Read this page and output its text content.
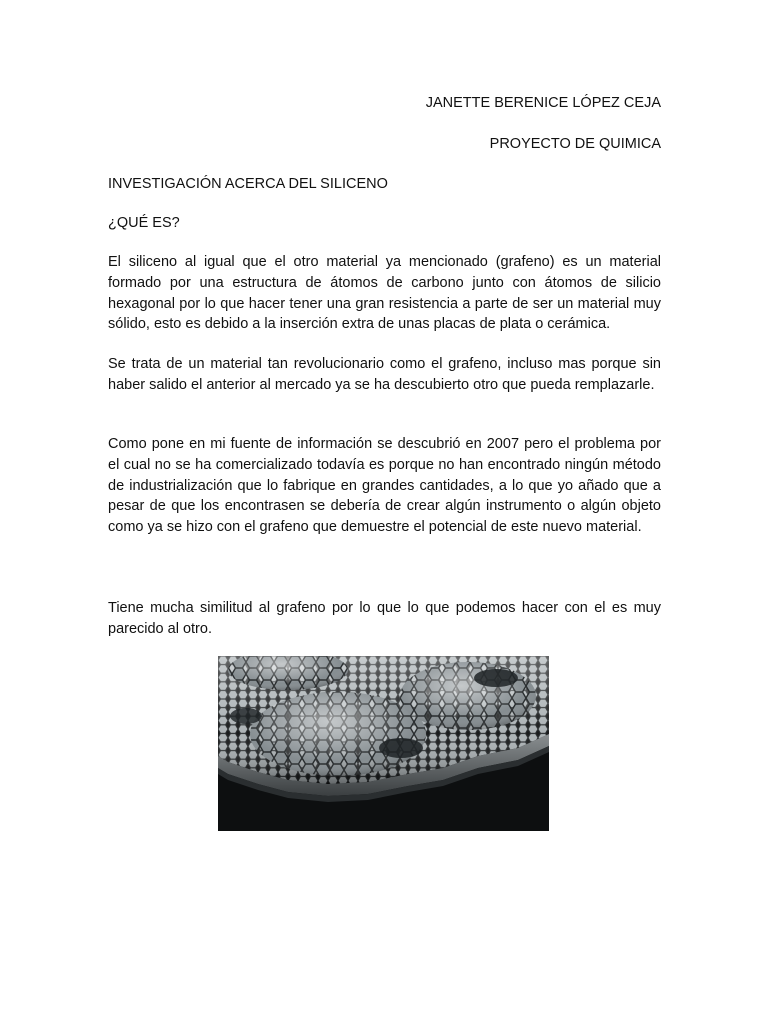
JANETTE BERENICE LÓPEZ CEJA
PROYECTO DE QUIMICA
INVESTIGACIÓN ACERCA DEL SILICENO
¿QUÉ ES?

El siliceno al igual que el otro material ya mencionado (grafeno) es un material formado por una estructura de átomos de carbono junto con átomos de silicio hexagonal por lo que hacer tener una gran resistencia a parte de ser un material muy sólido, esto es debido a la inserción extra de unas placas de plata o cerámica.

Se trata de un material tan revolucionario como el grafeno, incluso mas porque sin haber salido el anterior al mercado ya se ha descubierto otro que pueda remplazarle.

Como pone en mi fuente de información se descubrió en 2007 pero el problema por el cual no se ha comercializado todavía es porque no han encontrado ningún método de industrialización que lo fabrique en grandes cantidades, a lo que yo añado que a pesar de que los encontrasen se debería de crear algún instrumento o algún objeto como ya se hizo con el grafeno que demuestre el potencial de este nuevo material.

Tiene mucha similitud al grafeno por lo que lo que podemos hacer con el es muy parecido al otro.
